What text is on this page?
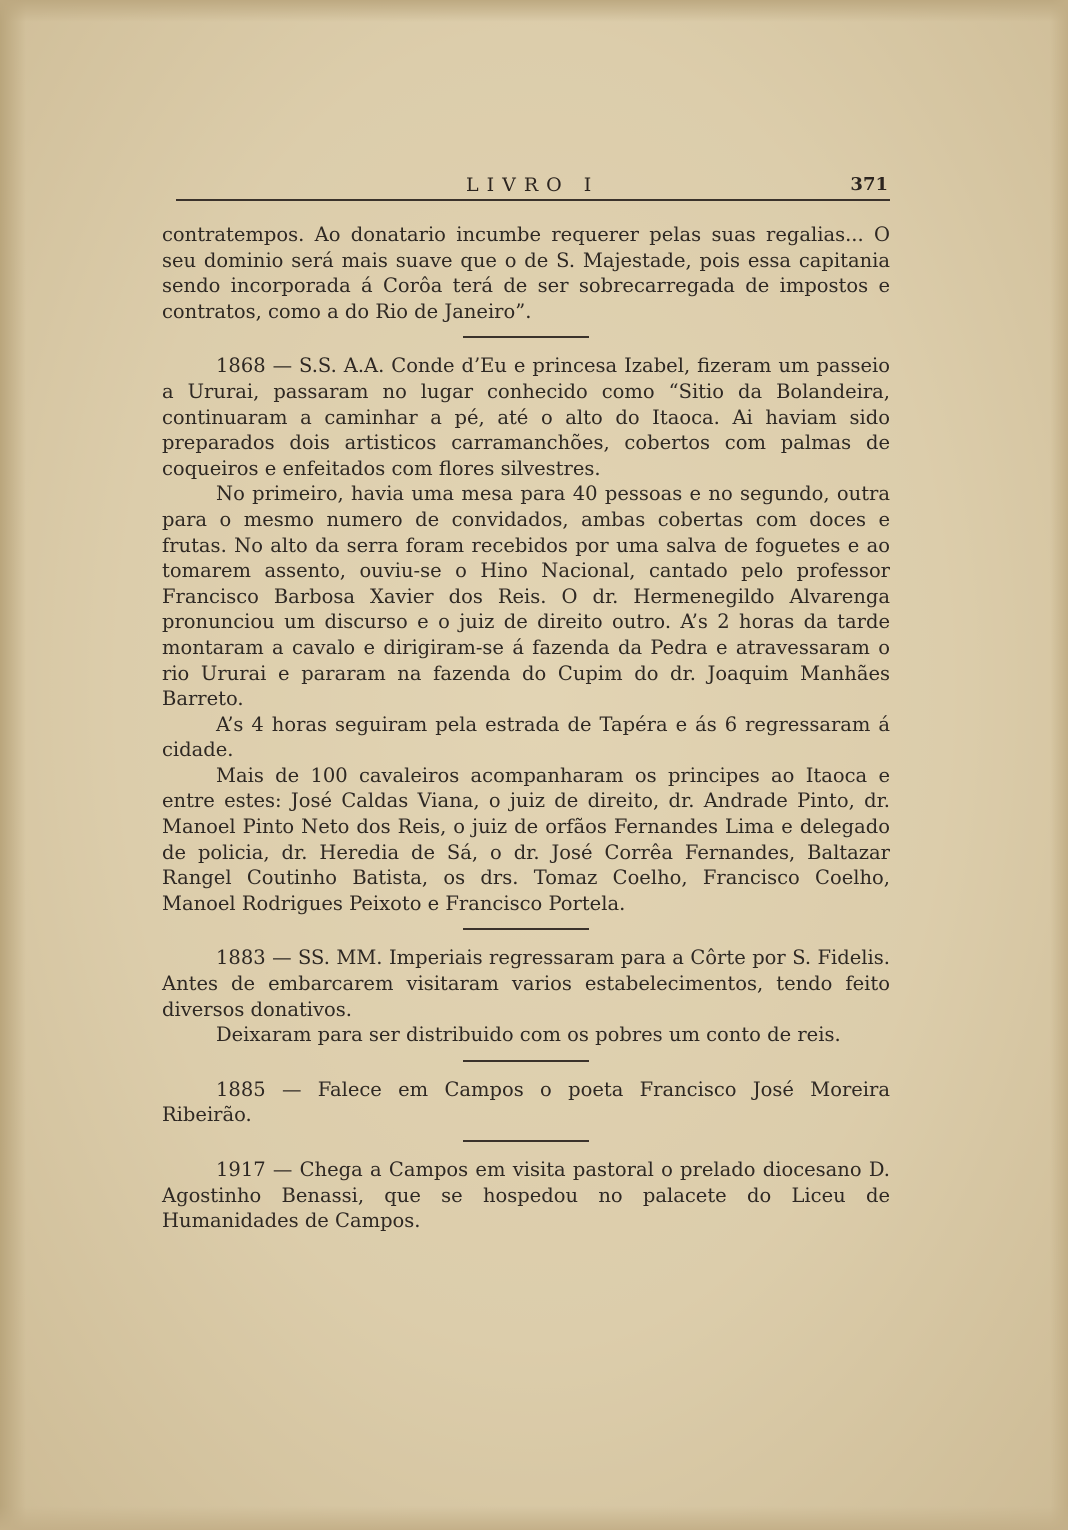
LIVRO I	371

contratempos. Ao donatario incumbe requerer pelas suas regalias... O seu dominio será mais suave que o de S. Majestade, pois essa capitania sendo incorporada á Corôa terá de ser sobrecarregada de impostos e contratos, como a do Rio de Janeiro”.

1868 — S.S. A.A. Conde d’Eu e princesa Izabel, fizeram um passeio a Ururai, passaram no lugar conhecido como “Sitio da Bolandeira, continuaram a caminhar a pé, até o alto do Itaoca. Ai haviam sido preparados dois artisticos carramanchões, cobertos com palmas de coqueiros e enfeitados com flores silvestres.

No primeiro, havia uma mesa para 40 pessoas e no segundo, outra para o mesmo numero de convidados, ambas cobertas com doces e frutas. No alto da serra foram recebidos por uma salva de foguetes e ao tomarem assento, ouviu-se o Hino Nacional, cantado pelo professor Francisco Barbosa Xavier dos Reis. O dr. Hermenegildo Alvarenga pronunciou um discurso e o juiz de direito outro. A’s 2 horas da tarde montaram a cavalo e dirigiram-se á fazenda da Pedra e atravessaram o rio Ururai e pararam na fazenda do Cupim do dr. Joaquim Manhães Barreto.

A’s 4 horas seguiram pela estrada de Tapéra e ás 6 regressaram á cidade.

Mais de 100 cavaleiros acompanharam os principes ao Itaoca e entre estes: José Caldas Viana, o juiz de direito, dr. Andrade Pinto, dr. Manoel Pinto Neto dos Reis, o juiz de orfãos Fernandes Lima e delegado de policia, dr. Heredia de Sá, o dr. José Corrêa Fernandes, Baltazar Rangel Coutinho Batista, os drs. Tomaz Coelho, Francisco Coelho, Manoel Rodrigues Peixoto e Francisco Portela.

1883 — SS. MM. Imperiais regressaram para a Côrte por S. Fidelis. Antes de embarcarem visitaram varios estabelecimentos, tendo feito diversos donativos.

Deixaram para ser distribuido com os pobres um conto de reis.

1885 — Falece em Campos o poeta Francisco José Moreira Ribeirão.

1917 — Chega a Campos em visita pastoral o prelado diocesano D. Agostinho Benassi, que se hospedou no palacete do Liceu de Humanidades de Campos.
